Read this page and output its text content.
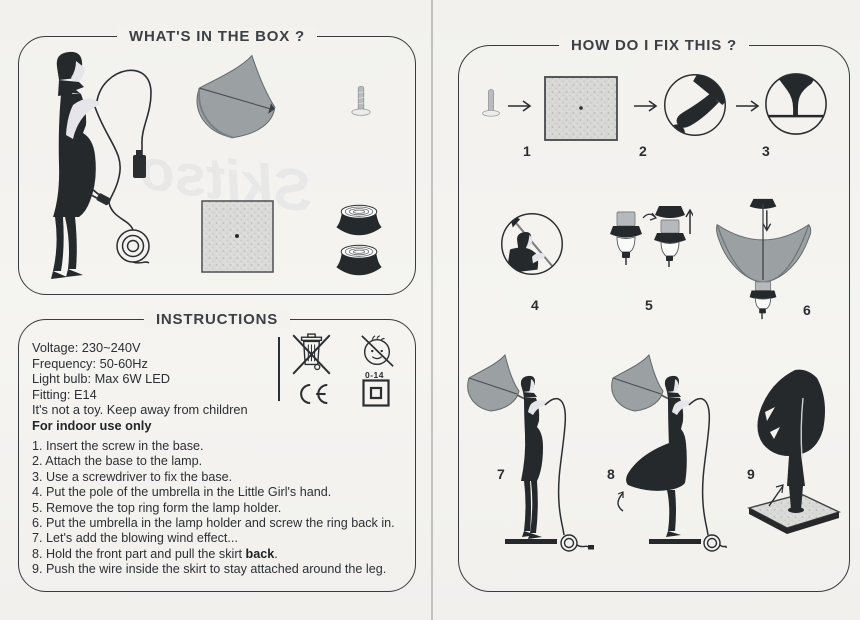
WHAT'S IN THE BOX ?
Skitso
INSTRUCTIONS
Voltage: 230~240V
Frequency: 50-60Hz
Light bulb: Max 6W LED
Fitting: E14
It's not a toy. Keep away from children
For indoor use only
0-14
1. Insert the screw in the base.
2. Attach the base to the lamp.
3. Use a screwdriver to fix the base.
4. Put the pole of the umbrella in the Little Girl's hand.
5. Remove the top ring form the lamp holder.
6. Put the umbrella in the lamp holder and screw the ring back in.
7. Let's add the blowing wind effect...
8. Hold the front part and pull the skirt back.
9. Push the wire inside the skirt to stay attached around the leg.
HOW DO I FIX THIS ?
1	2	3
4	5	6
7	8	9
